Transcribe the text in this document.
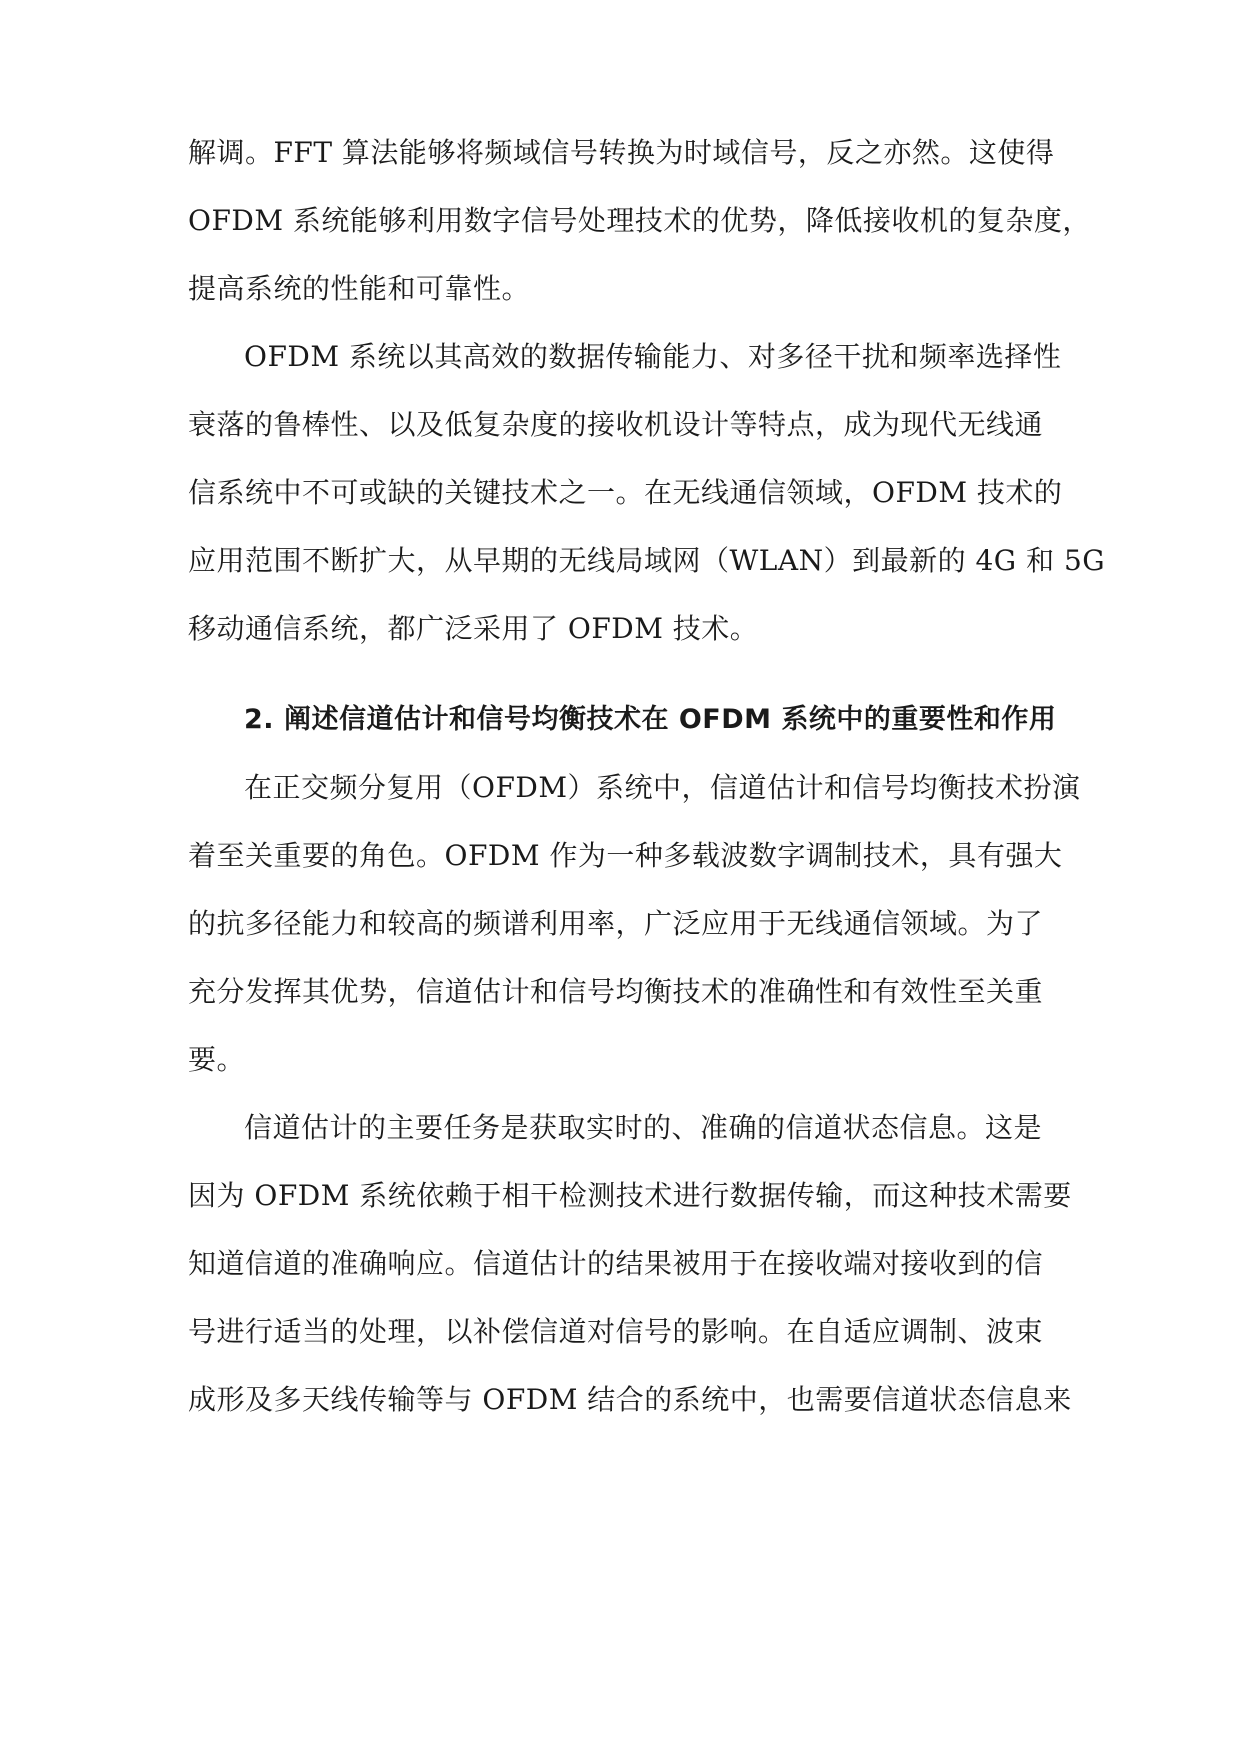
解调。FFT 算法能够将频域信号转换为时域信号，反之亦然。这使得
OFDM 系统能够利用数字信号处理技术的优势，降低接收机的复杂度，
提高系统的性能和可靠性。
OFDM 系统以其高效的数据传输能力、对多径干扰和频率选择性
衰落的鲁棒性、以及低复杂度的接收机设计等特点，成为现代无线通
信系统中不可或缺的关键技术之一。在无线通信领域，OFDM 技术的
应用范围不断扩大，从早期的无线局域网（WLAN）到最新的 4G 和 5G
移动通信系统，都广泛采用了 OFDM 技术。
2. 阐述信道估计和信号均衡技术在 OFDM 系统中的重要性和作用
在正交频分复用（OFDM）系统中，信道估计和信号均衡技术扮演
着至关重要的角色。OFDM 作为一种多载波数字调制技术，具有强大
的抗多径能力和较高的频谱利用率，广泛应用于无线通信领域。为了
充分发挥其优势，信道估计和信号均衡技术的准确性和有效性至关重
要。
信道估计的主要任务是获取实时的、准确的信道状态信息。这是
因为 OFDM 系统依赖于相干检测技术进行数据传输，而这种技术需要
知道信道的准确响应。信道估计的结果被用于在接收端对接收到的信
号进行适当的处理，以补偿信道对信号的影响。在自适应调制、波束
成形及多天线传输等与 OFDM 结合的系统中，也需要信道状态信息来
